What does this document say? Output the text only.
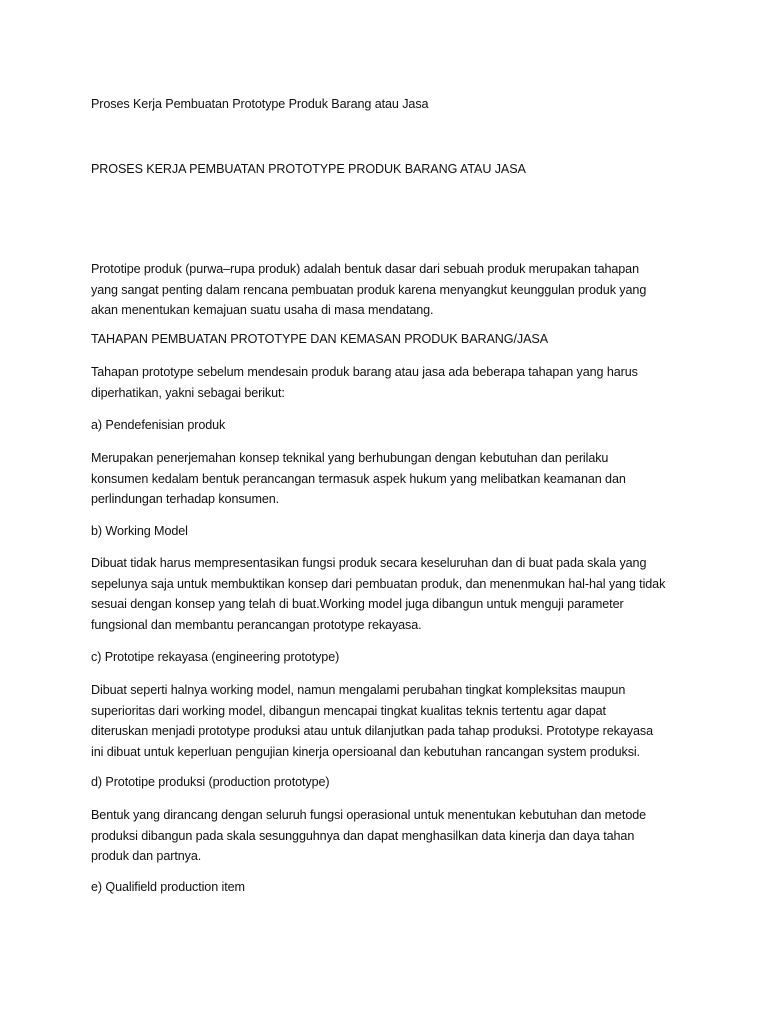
Proses Kerja Pembuatan Prototype Produk Barang atau Jasa

PROSES KERJA PEMBUATAN PROTOTYPE PRODUK BARANG ATAU JASA

Prototipe produk (purwa–rupa produk) adalah bentuk dasar dari sebuah produk merupakan tahapan
yang sangat penting dalam rencana pembuatan produk karena menyangkut keunggulan produk yang
akan menentukan kemajuan suatu usaha di masa mendatang.

TAHAPAN PEMBUATAN PROTOTYPE DAN KEMASAN PRODUK BARANG/JASA

Tahapan prototype sebelum mendesain produk barang atau jasa ada beberapa tahapan yang harus
diperhatikan, yakni sebagai berikut:

a) Pendefenisian produk

Merupakan penerjemahan konsep teknikal yang berhubungan dengan kebutuhan dan perilaku
konsumen kedalam bentuk perancangan termasuk aspek hukum yang melibatkan keamanan dan
perlindungan terhadap konsumen.

b) Working Model

Dibuat tidak harus mempresentasikan fungsi produk secara keseluruhan dan di buat pada skala yang
sepelunya saja untuk membuktikan konsep dari pembuatan produk, dan menenmukan hal-hal yang tidak
sesuai dengan konsep yang telah di buat.Working model juga dibangun untuk menguji parameter
fungsional dan membantu perancangan prototype rekayasa.

c) Prototipe rekayasa (engineering prototype)

Dibuat seperti halnya working model, namun mengalami perubahan tingkat kompleksitas maupun
superioritas dari working model, dibangun mencapai tingkat kualitas teknis tertentu agar dapat
diteruskan menjadi prototype produksi atau untuk dilanjutkan pada tahap produksi. Prototype rekayasa
ini dibuat untuk keperluan pengujian kinerja opersioanal dan kebutuhan rancangan system produksi.

d) Prototipe produksi (production prototype)

Bentuk yang dirancang dengan seluruh fungsi operasional untuk menentukan kebutuhan dan metode
produksi dibangun pada skala sesungguhnya dan dapat menghasilkan data kinerja dan daya tahan
produk dan partnya.

e) Qualifield production item
